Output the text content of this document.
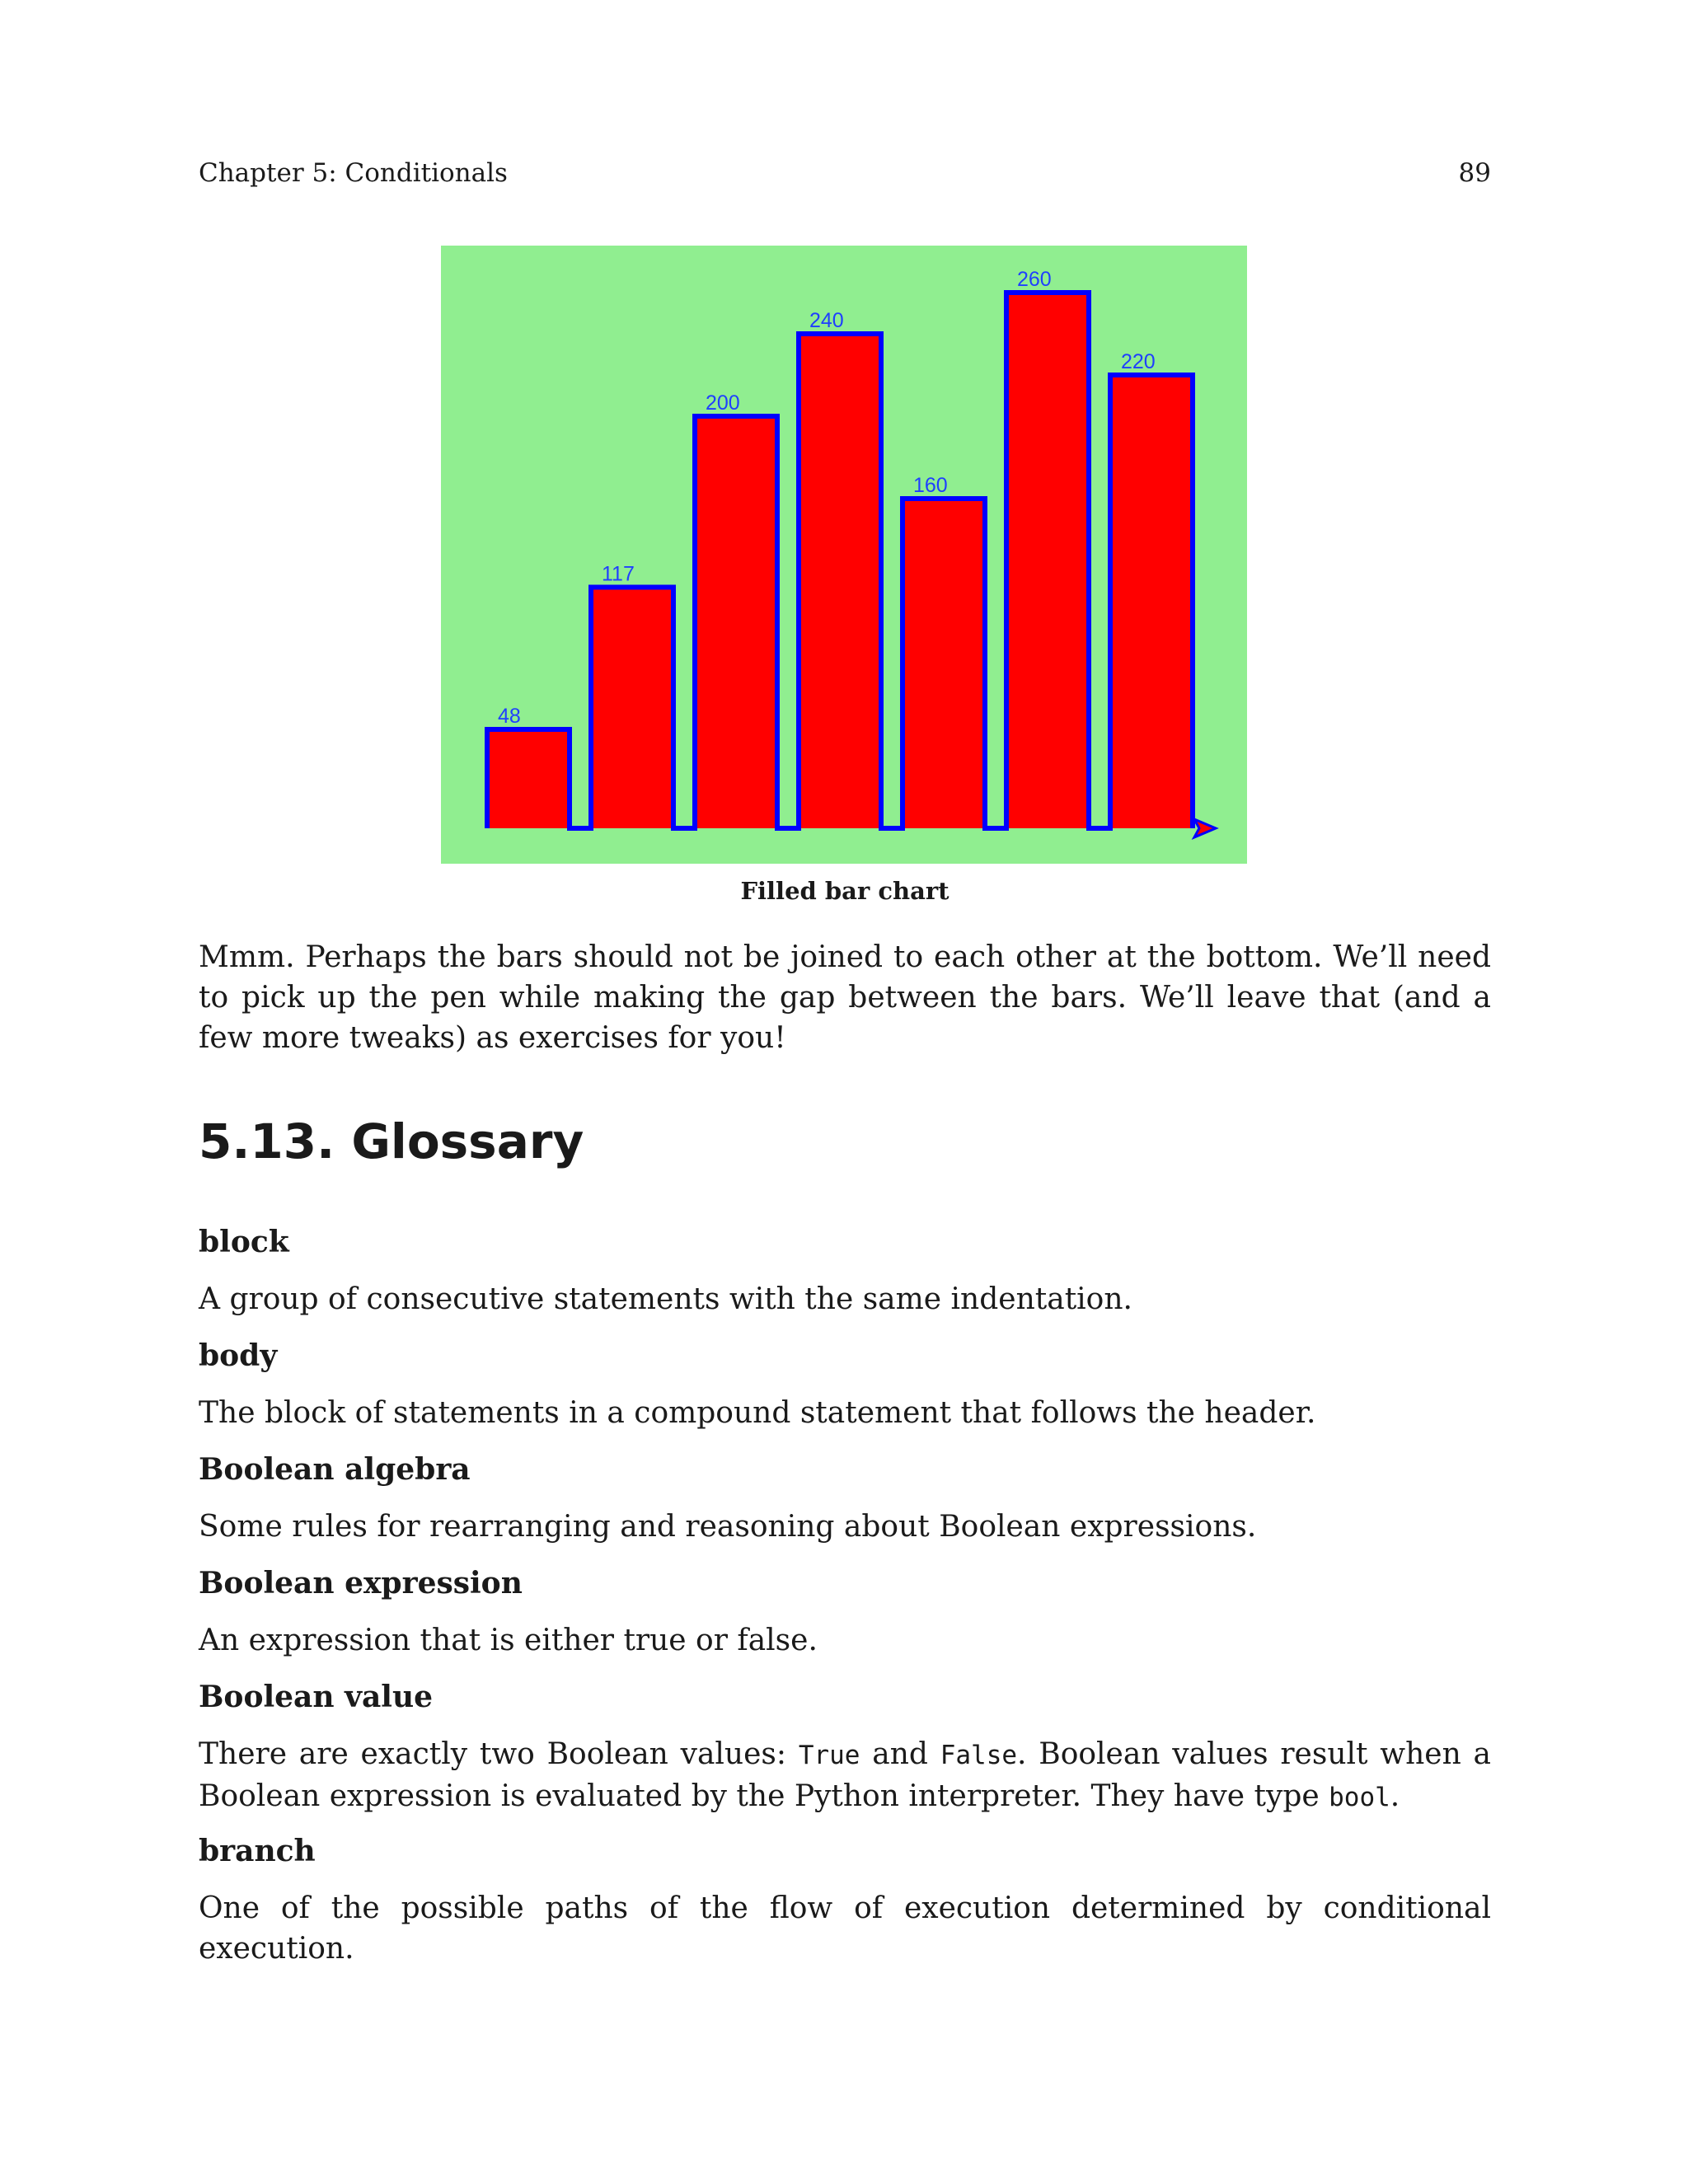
Chapter 5: Conditionals	89
48
117
200
240
160
260
220
Filled bar chart

Mmm. Perhaps the bars should not be joined to each other at the bottom. We’ll need to pick up the pen while making the gap between the bars. We’ll leave that (and a few more tweaks) as exercises for you!

5.13. Glossary
block

A group of consecutive statements with the same indentation.

body

The block of statements in a compound statement that follows the header.

Boolean algebra

Some rules for rearranging and reasoning about Boolean expressions.

Boolean expression

An expression that is either true or false.

Boolean value

There are exactly two Boolean values: True and False. Boolean values result when a Boolean expression is evaluated by the Python interpreter. They have type bool.

branch

One of the possible paths of the flow of execution determined by conditional execution.
